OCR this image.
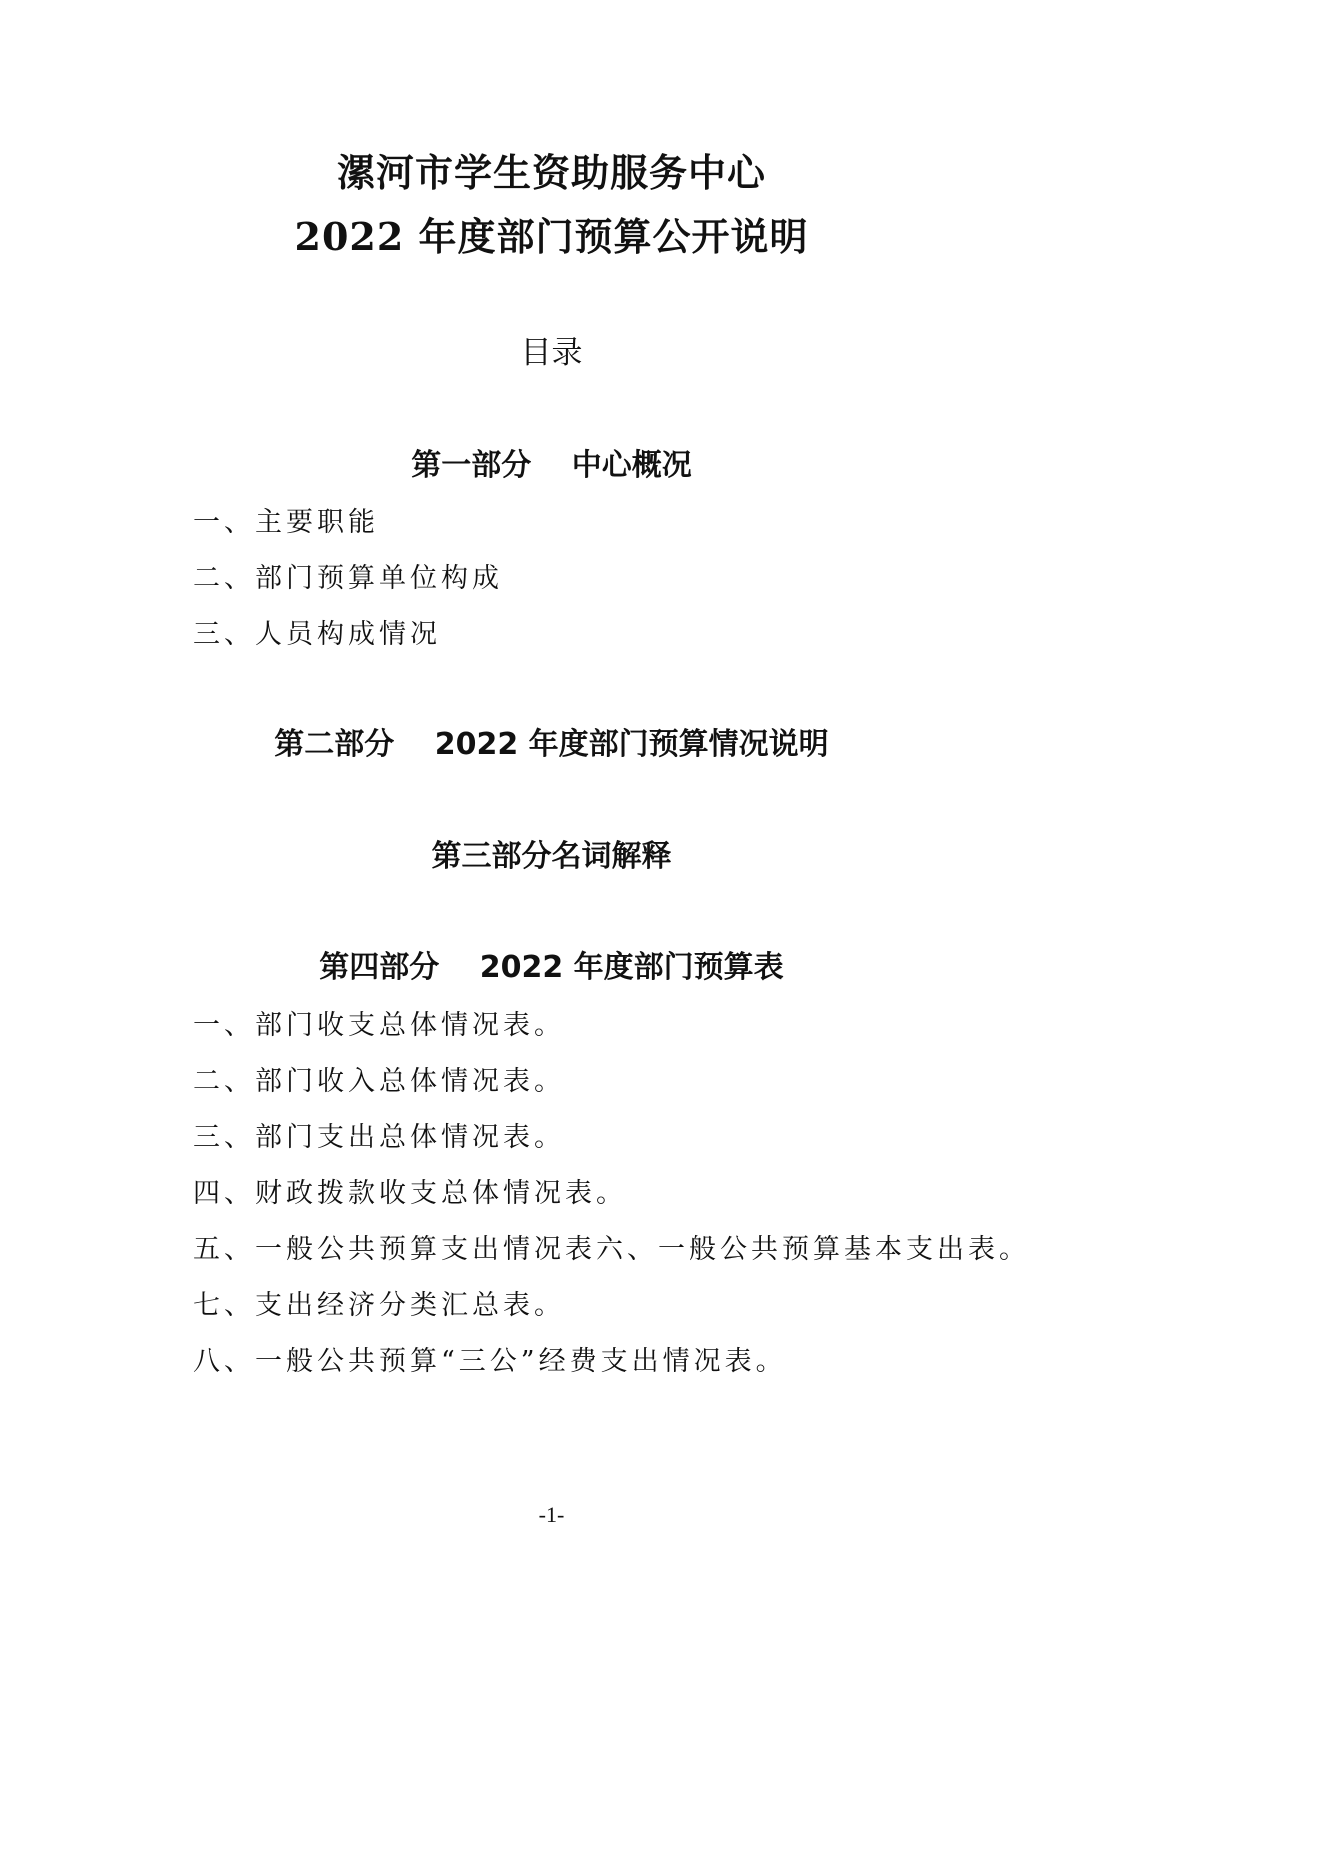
漯河市学生资助服务中心
2022 年度部门预算公开说明
目录
第一部分　 中心概况
一、主要职能
二、部门预算单位构成
三、人员构成情况
第二部分　 2022 年度部门预算情况说明
第三部分名词解释
第四部分　 2022 年度部门预算表
一、部门收支总体情况表。
二、部门收入总体情况表。
三、部门支出总体情况表。
四、财政拨款收支总体情况表。
五、一般公共预算支出情况表六、一般公共预算基本支出表。
七、支出经济分类汇总表。
八、一般公共预算“三公”经费支出情况表。
-1-
